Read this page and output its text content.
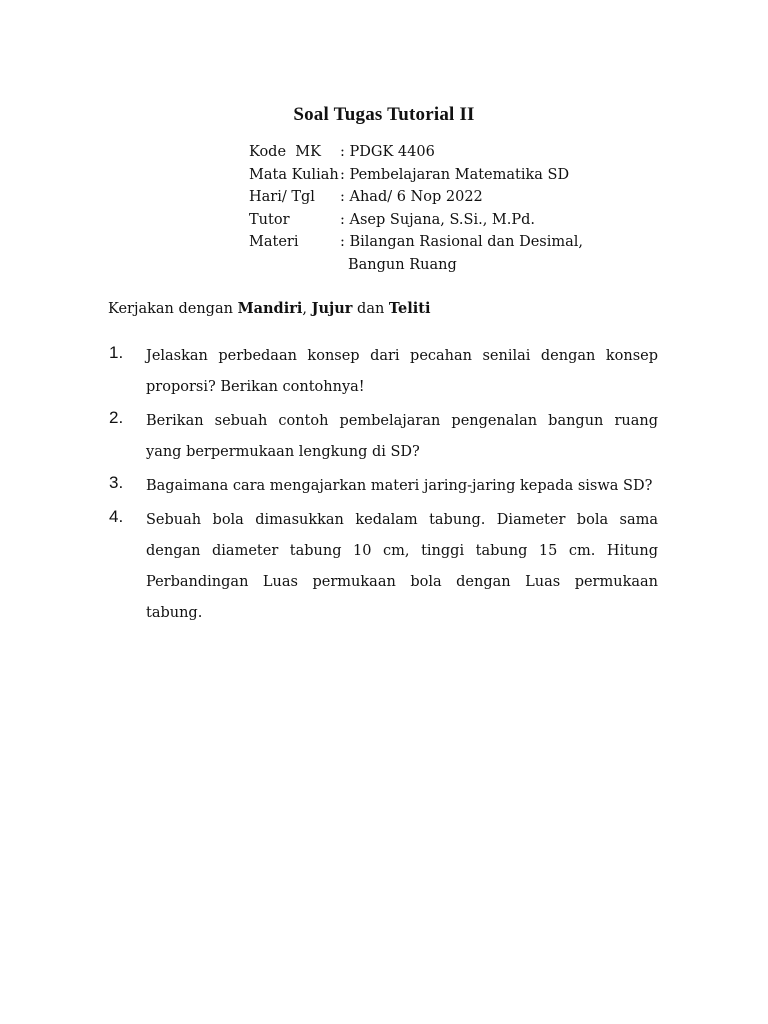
Soal Tugas Tutorial II
Kode  MK	: PDGK 4406
Mata Kuliah : Pembelajaran Matematika SD
Hari/ Tgl	: Ahad/ 6 Nop 2022
Tutor	: Asep Sujana, S.Si., M.Pd.
Materi	: Bilangan Rasional dan Desimal,
Bangun Ruang
Kerjakan dengan Mandiri, Jujur dan Teliti
1. Jelaskan perbedaan konsep dari pecahan senilai dengan konsep proporsi? Berikan contohnya!
2. Berikan sebuah contoh pembelajaran pengenalan bangun ruang yang berpermukaan lengkung di SD?
3. Bagaimana cara mengajarkan materi jaring-jaring kepada siswa SD?
4. Sebuah bola dimasukkan kedalam tabung. Diameter bola sama dengan diameter tabung 10 cm, tinggi tabung 15 cm. Hitung Perbandingan Luas permukaan bola dengan Luas permukaan tabung.
